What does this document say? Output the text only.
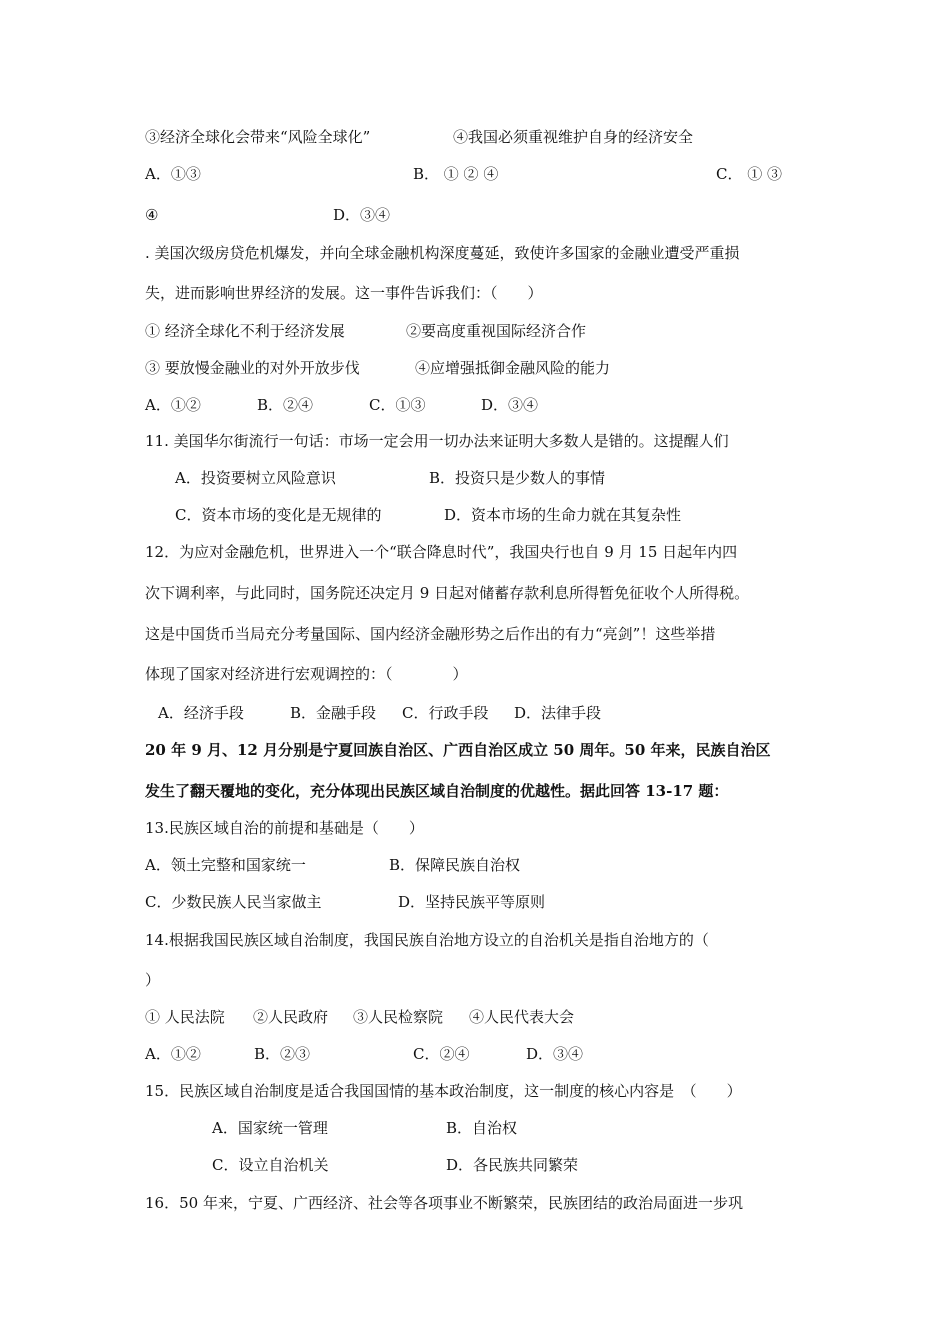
③经济全球化会带来“风险全球化”	④我国必须重视维护自身的经济安全
A．①③	B． ① ② ④	C． ① ③
④	D．③④
. 美国次级房贷危机爆发，并向全球金融机构深度蔓延，致使许多国家的金融业遭受严重损
失，进而影响世界经济的发展。这一事件告诉我们：（　　）
① 经济全球化不利于经济发展	②要高度重视国际经济合作
③ 要放慢金融业的对外开放步伐	④应增强抵御金融风险的能力
A．①②	B．②④	C．①③	D．③④
11. 美国华尔街流行一句话：市场一定会用一切办法来证明大多数人是错的。这提醒人们
A．投资要树立风险意识	B．投资只是少数人的事情
C．资本市场的变化是无规律的	D．资本市场的生命力就在其复杂性
12．为应对金融危机，世界进入一个“联合降息时代”，我国央行也自 9 月 15 日起年内四
次下调利率，与此同时，国务院还决定月 9 日起对储蓄存款利息所得暂免征收个人所得税。
这是中国货币当局充分考量国际、国内经济金融形势之后作出的有力“亮剑”！这些举措
体现了国家对经济进行宏观调控的：（　　　　）
A．经济手段	B．金融手段 C．行政手段 D．法律手段
20 年 9 月、12 月分别是宁夏回族自治区、广西自治区成立 50 周年。50 年来，民族自治区
发生了翻天覆地的变化，充分体现出民族区域自治制度的优越性。据此回答 13-17 题：
13.民族区域自治的前提和基础是（　　）
A．领土完整和国家统一	B．保障民族自治权
C．少数民族人民当家做主	D．坚持民族平等原则
14.根据我国民族区域自治制度，我国民族自治地方设立的自治机关是指自治地方的（
）
① 人民法院 ②人民政府 ③人民检察院 ④人民代表大会
A．①②	B．②③	C．②④	D．③④
15．民族区域自治制度是适合我国国情的基本政治制度，这一制度的核心内容是　（　　）
A．国家统一管理	B．自治权
C．设立自治机关	D．各民族共同繁荣
16．50 年来，宁夏、广西经济、社会等各项事业不断繁荣，民族团结的政治局面进一步巩
